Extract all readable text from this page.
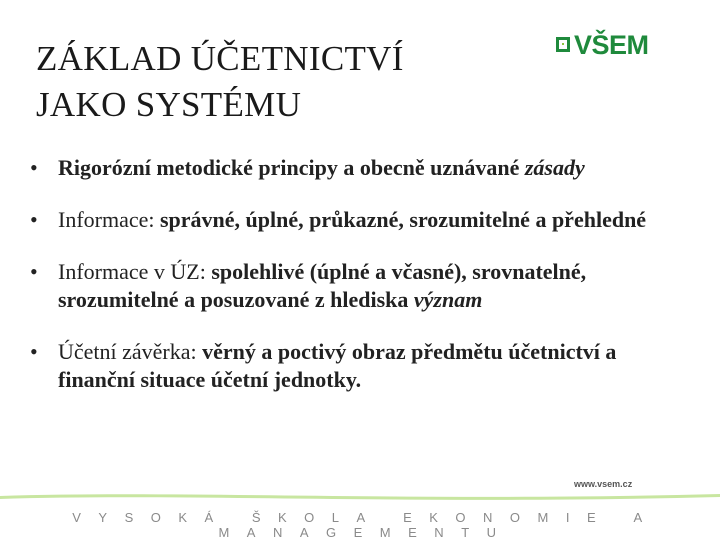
ZÁKLAD ÚČETNICTVÍ
JAKO SYSTÉMU
VŠEM
• Rigorózní metodické principy a obecně uznávané zásady
• Informace: správné, úplné, průkazné, srozumitelné a přehledné
• Informace v ÚZ: spolehlivé (úplné a včasné), srovnatelné, srozumitelné a posuzované z hlediska význam
• Účetní závěrka: věrný a poctivý obraz předmětu účetnictví a finanční situace účetní jednotky.
www.vsem.cz
VYSOKÁ ŠKOLA EKONOMIE A MANAGEMENTU
